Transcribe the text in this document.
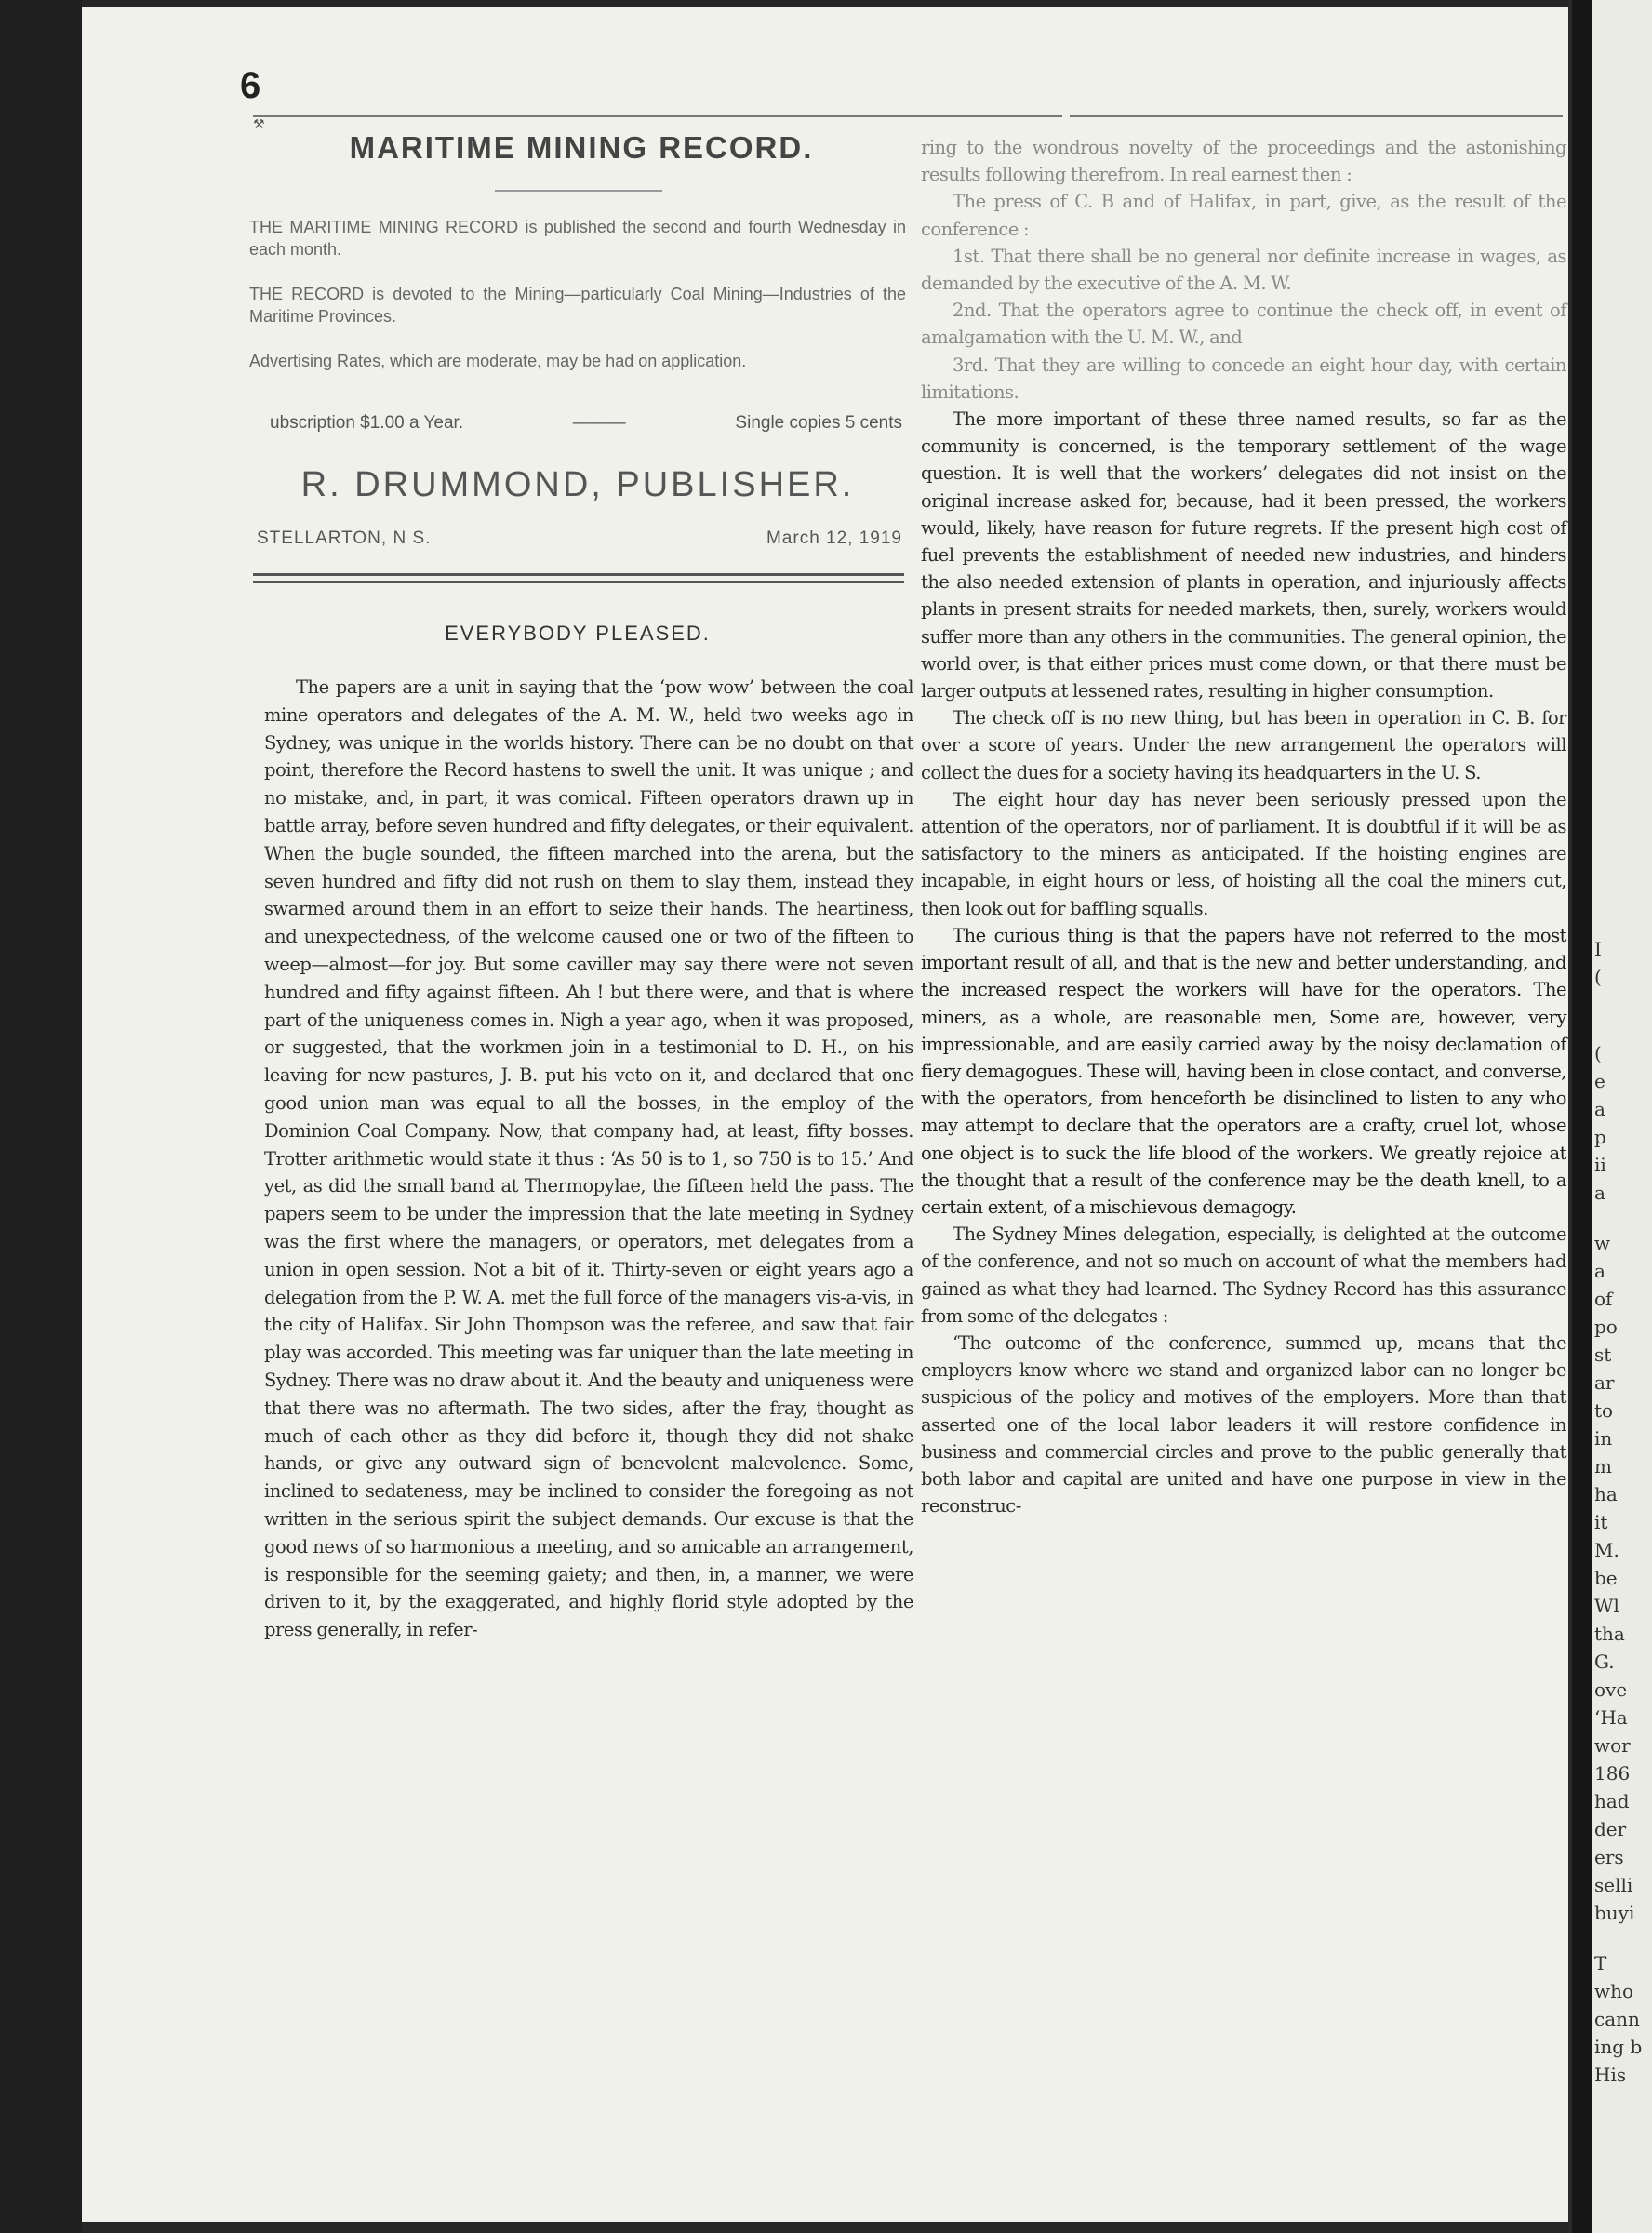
6
⚒
MARITIME MINING RECORD.
THE MARITIME MINING RECORD is published the second and fourth Wednesday in each month.
THE RECORD is devoted to the Mining—particularly Coal Mining—Industries of the Maritime Provinces.
Advertising Rates, which are moderate, may be had on application.
ubscription $1.00 a Year.	———	Single copies 5 cents
R. DRUMMOND, PUBLISHER.
STELLARTON, N S.	March 12, 1919
EVERYBODY PLEASED.

The papers are a unit in saying that the ‘pow wow’ between the coal mine operators and delegates of the A. M. W., held two weeks ago in Sydney, was unique in the worlds history. There can be no doubt on that point, therefore the Record hastens to swell the unit. It was unique ; and no mistake, and, in part, it was comical. Fifteen operators drawn up in battle array, before seven hundred and fifty delegates, or their equivalent. When the bugle sounded, the fifteen marched into the arena, but the seven hundred and fifty did not rush on them to slay them, instead they swarmed around them in an effort to seize their hands. The heartiness, and unexpectedness, of the welcome caused one or two of the fifteen to weep—almost—for joy. But some caviller may say there were not seven hundred and fifty against fifteen. Ah ! but there were, and that is where part of the uniqueness comes in. Nigh a year ago, when it was proposed, or suggested, that the workmen join in a testimonial to D. H., on his leaving for new pastures, J. B. put his veto on it, and declared that one good union man was equal to all the bosses, in the employ of the Dominion Coal Company. Now, that company had, at least, fifty bosses. Trotter arithmetic would state it thus : ‘As 50 is to 1, so 750 is to 15.’ And yet, as did the small band at Thermopylae, the fifteen held the pass. The papers seem to be under the impression that the late meeting in Sydney was the first where the managers, or operators, met delegates from a union in open session. Not a bit of it. Thirty-seven or eight years ago a delegation from the P. W. A. met the full force of the managers vis-a-vis, in the city of Halifax. Sir John Thompson was the referee, and saw that fair play was accorded. This meeting was far uniquer than the late meeting in Sydney. There was no draw about it. And the beauty and uniqueness were that there was no aftermath. The two sides, after the fray, thought as much of each other as they did before it, though they did not shake hands, or give any outward sign of benevolent malevolence. Some, inclined to sedateness, may be inclined to consider the foregoing as not written in the serious spirit the subject demands. Our excuse is that the good news of so harmonious a meeting, and so amicable an arrangement, is responsible for the seeming gaiety; and then, in, a manner, we were driven to it, by the exaggerated, and highly florid style adopted by the press generally, in refer-

ring to the wondrous novelty of the proceedings and the astonishing results following therefrom. In real earnest then :

The press of C. B and of Halifax, in part, give, as the result of the conference :

1st. That there shall be no general nor definite increase in wages, as demanded by the executive of the A. M. W.

2nd. That the operators agree to continue the check off, in event of amalgamation with the U. M. W., and

3rd. That they are willing to concede an eight hour day, with certain limitations.

The more important of these three named results, so far as the community is concerned, is the temporary settlement of the wage question. It is well that the workers’ delegates did not insist on the original increase asked for, because, had it been pressed, the workers would, likely, have reason for future regrets. If the present high cost of fuel prevents the establishment of needed new industries, and hinders the also needed extension of plants in operation, and injuriously affects plants in present straits for needed markets, then, surely, workers would suffer more than any others in the communities. The general opinion, the world over, is that either prices must come down, or that there must be larger outputs at lessened rates, resulting in higher consumption.

The check off is no new thing, but has been in operation in C. B. for over a score of years. Under the new arrangement the operators will collect the dues for a society having its headquarters in the U. S.

The eight hour day has never been seriously pressed upon the attention of the operators, nor of parliament. It is doubtful if it will be as satisfactory to the miners as anticipated. If the hoisting engines are incapable, in eight hours or less, of hoisting all the coal the miners cut, then look out for baffling squalls.

The curious thing is that the papers have not referred to the most important result of all, and that is the new and better understanding, and the increased respect the workers will have for the operators. The miners, as a whole, are reasonable men, Some are, however, very impressionable, and are easily carried away by the noisy declamation of fiery demagogues. These will, having been in close contact, and converse, with the operators, from henceforth be disinclined to listen to any who may attempt to declare that the operators are a crafty, cruel lot, whose one object is to suck the life blood of the workers. We greatly rejoice at the thought that a result of the conference may be the death knell, to a certain extent, of a mischievous demagogy.

The Sydney Mines delegation, especially, is delighted at the outcome of the conference, and not so much on account of what the members had gained as what they had learned. The Sydney Record has this assurance from some of the delegates :

‘The outcome of the conference, summed up, means that the employers know where we stand and organized labor can no longer be suspicious of the policy and motives of the employers. More than that asserted one of the local labor leaders it will restore confidence in business and commercial circles and prove to the public generally that both labor and capital are united and have one purpose in view in the reconstruc-

I
(
(
e
a
p
ii
a
w
a
of
po
st
ar
to
in
m
ha
it
M.
be
Wl
tha
G.
ove
‘Ha
wor
186
had
der
ers
selli
buyi
T
who
cann
ing b
His
